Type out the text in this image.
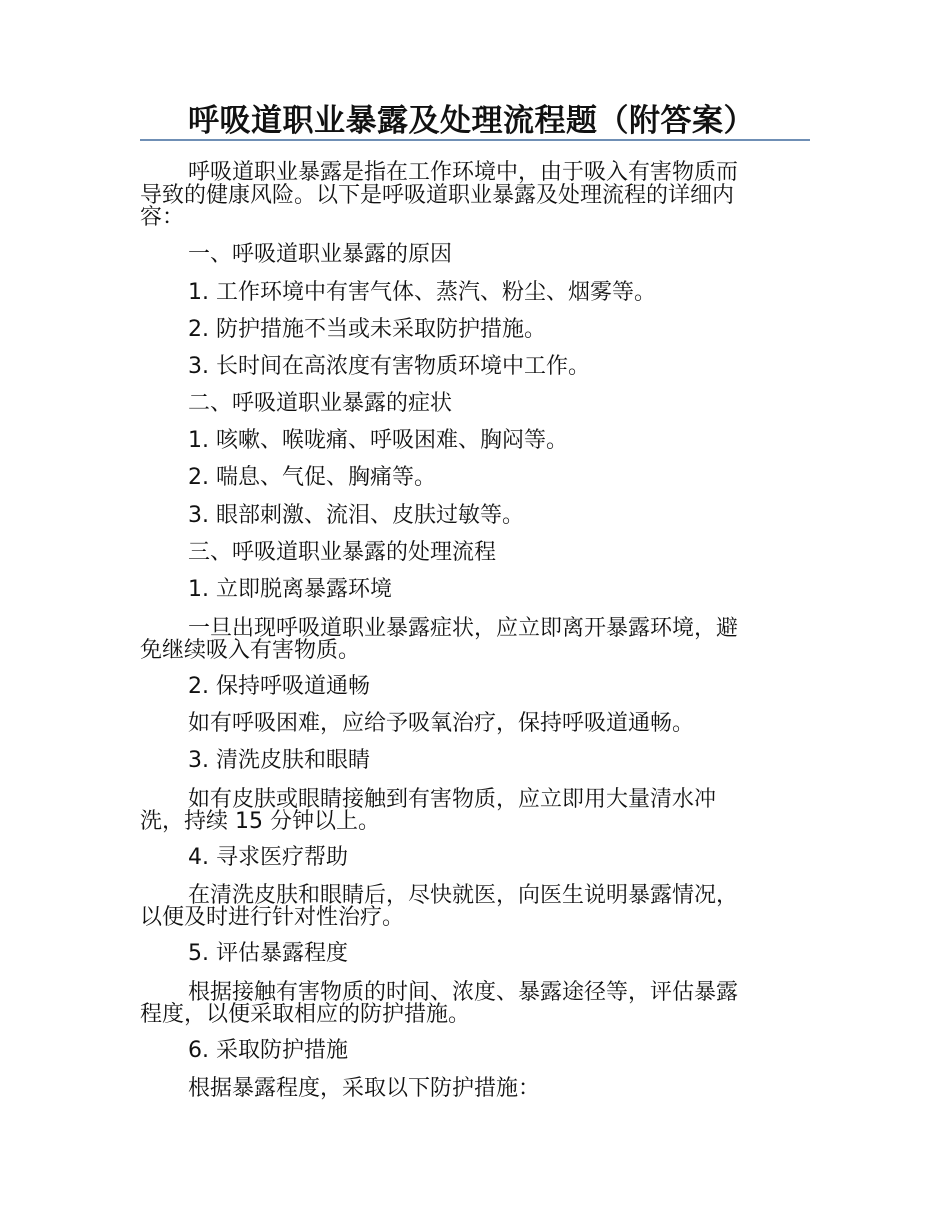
呼吸道职业暴露及处理流程题（附答案）
呼吸道职业暴露是指在工作环境中，由于吸入有害物质而
导致的健康风险。以下是呼吸道职业暴露及处理流程的详细内
容：
一、呼吸道职业暴露的原因
1. 工作环境中有害气体、蒸汽、粉尘、烟雾等。
2. 防护措施不当或未采取防护措施。
3. 长时间在高浓度有害物质环境中工作。
二、呼吸道职业暴露的症状
1. 咳嗽、喉咙痛、呼吸困难、胸闷等。
2. 喘息、气促、胸痛等。
3. 眼部刺激、流泪、皮肤过敏等。
三、呼吸道职业暴露的处理流程
1. 立即脱离暴露环境
一旦出现呼吸道职业暴露症状，应立即离开暴露环境，避
免继续吸入有害物质。
2. 保持呼吸道通畅
如有呼吸困难，应给予吸氧治疗，保持呼吸道通畅。
3. 清洗皮肤和眼睛
如有皮肤或眼睛接触到有害物质，应立即用大量清水冲
洗，持续 15 分钟以上。
4. 寻求医疗帮助
在清洗皮肤和眼睛后，尽快就医，向医生说明暴露情况，
以便及时进行针对性治疗。
5. 评估暴露程度
根据接触有害物质的时间、浓度、暴露途径等，评估暴露
程度，以便采取相应的防护措施。
6. 采取防护措施
根据暴露程度，采取以下防护措施：
